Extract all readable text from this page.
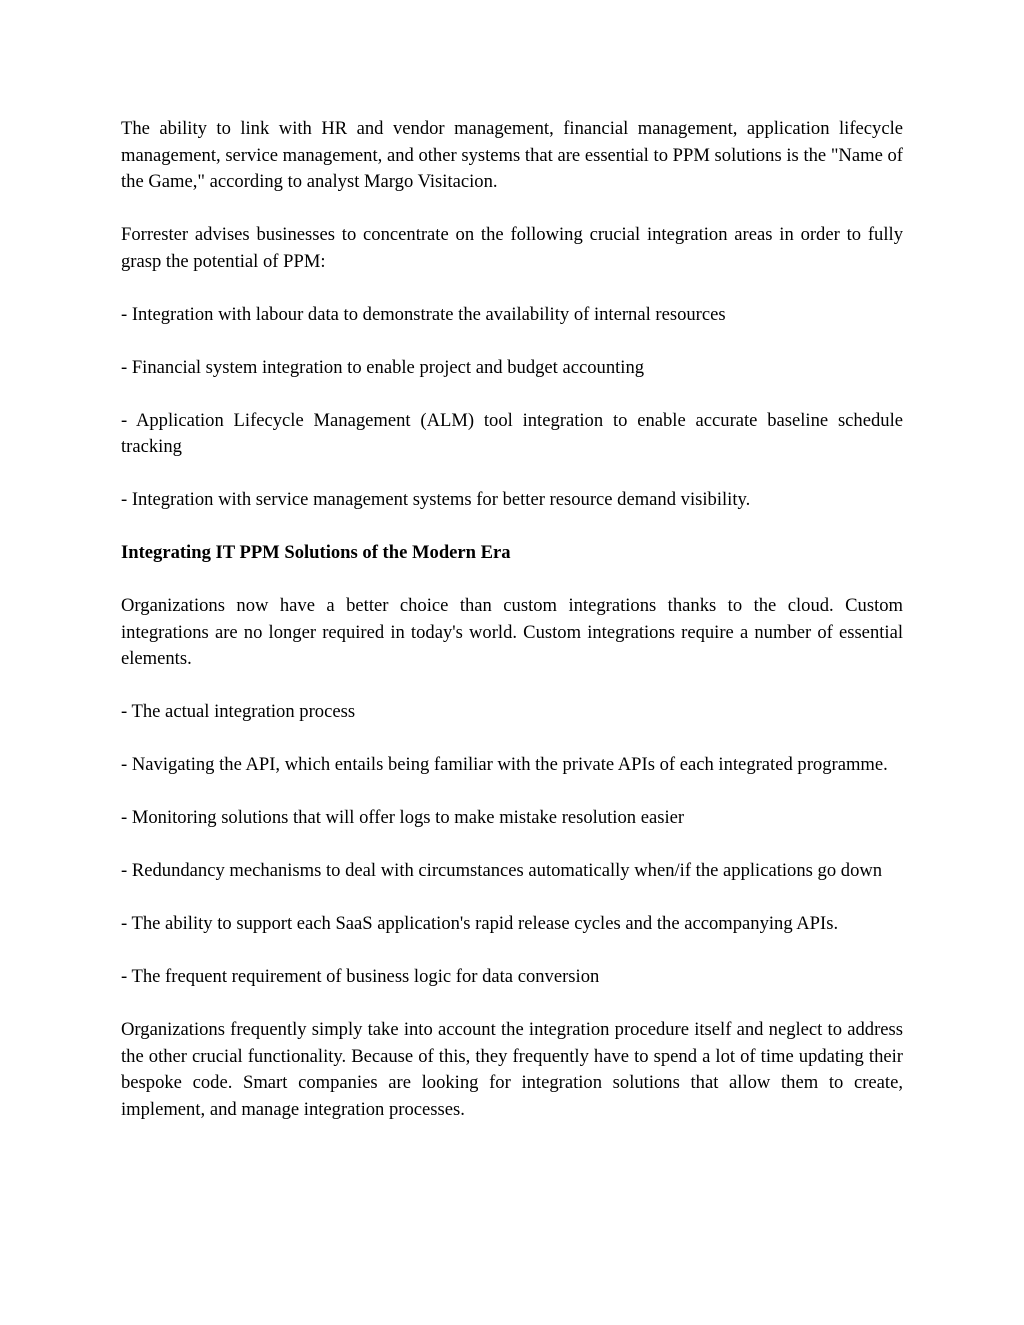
The ability to link with HR and vendor management, financial management, application lifecycle management, service management, and other systems that are essential to PPM solutions is the "Name of the Game," according to analyst Margo Visitacion.

Forrester advises businesses to concentrate on the following crucial integration areas in order to fully grasp the potential of PPM:

- Integration with labour data to demonstrate the availability of internal resources

- Financial system integration to enable project and budget accounting

- Application Lifecycle Management (ALM) tool integration to enable accurate baseline schedule tracking

- Integration with service management systems for better resource demand visibility.

Integrating IT PPM Solutions of the Modern Era

Organizations now have a better choice than custom integrations thanks to the cloud. Custom integrations are no longer required in today's world. Custom integrations require a number of essential elements.

- The actual integration process

- Navigating the API, which entails being familiar with the private APIs of each integrated programme.

- Monitoring solutions that will offer logs to make mistake resolution easier

- Redundancy mechanisms to deal with circumstances automatically when/if the applications go down

- The ability to support each SaaS application's rapid release cycles and the accompanying APIs.

- The frequent requirement of business logic for data conversion

Organizations frequently simply take into account the integration procedure itself and neglect to address the other crucial functionality. Because of this, they frequently have to spend a lot of time updating their bespoke code. Smart companies are looking for integration solutions that allow them to create, implement, and manage integration processes.
